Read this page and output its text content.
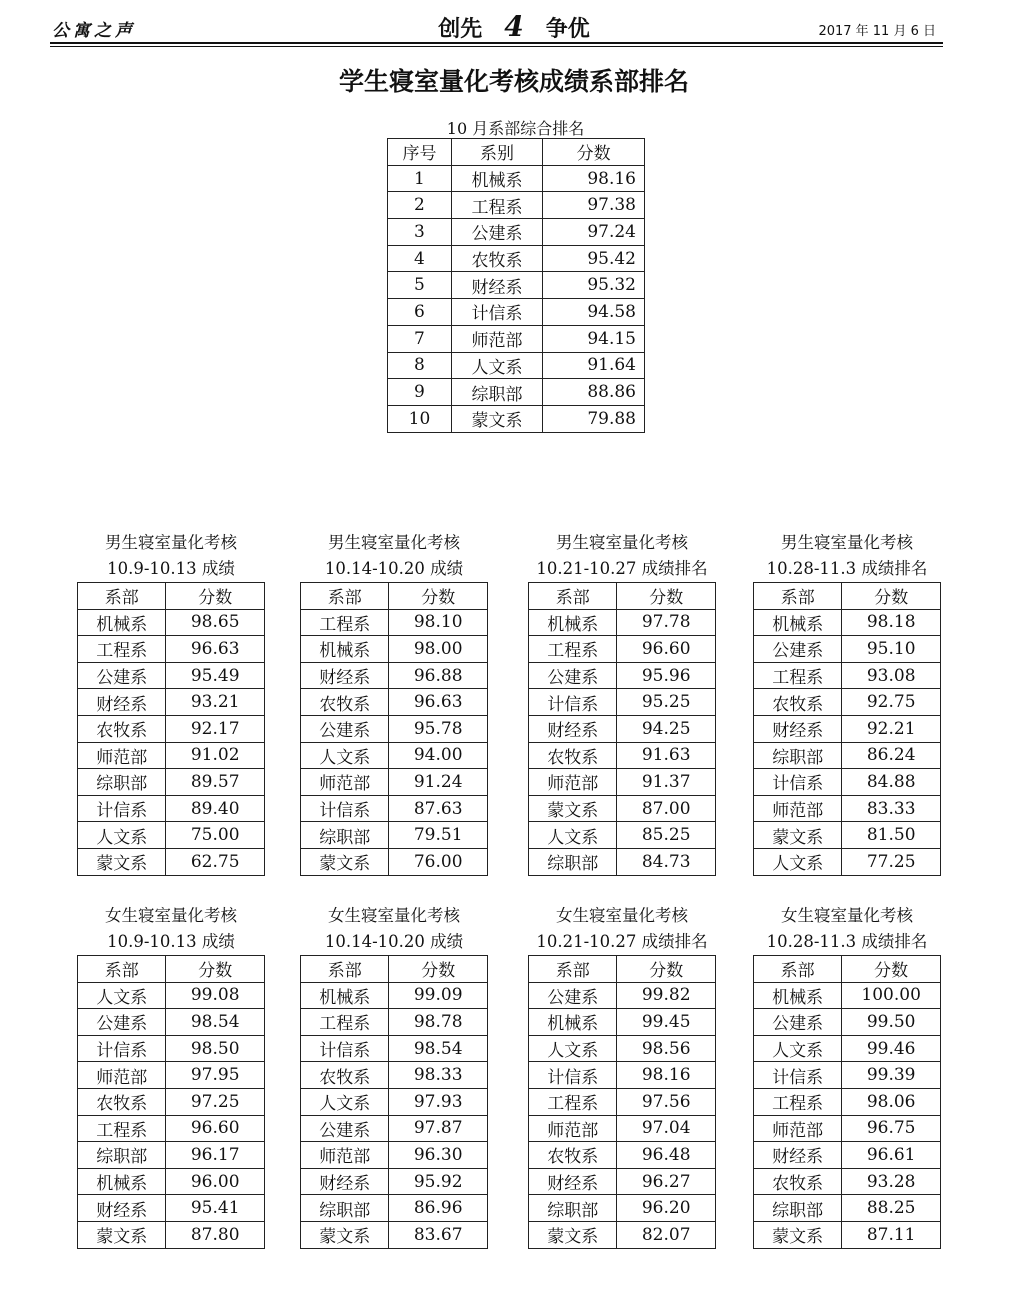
公寓之声	创先 4 争优	2017 年 11 月 6 日
学生寝室量化考核成绩系部排名
10 月系部综合排名
序号	系别	分数
1	机械系	98.16
2	工程系	97.38
3	公建系	97.24
4	农牧系	95.42
5	财经系	95.32
6	计信系	94.58
7	师范部	94.15
8	人文系	91.64
9	综职部	88.86
10	蒙文系	79.88
男生寝室量化考核
10.9-10.13 成绩
系部	分数
机械系	98.65
工程系	96.63
公建系	95.49
财经系	93.21
农牧系	92.17
师范部	91.02
综职部	89.57
计信系	89.40
人文系	75.00
蒙文系	62.75
男生寝室量化考核
10.14-10.20 成绩
系部	分数
工程系	98.10
机械系	98.00
财经系	96.88
农牧系	96.63
公建系	95.78
人文系	94.00
师范部	91.24
计信系	87.63
综职部	79.51
蒙文系	76.00
男生寝室量化考核
10.21-10.27 成绩排名
系部	分数
机械系	97.78
工程系	96.60
公建系	95.96
计信系	95.25
财经系	94.25
农牧系	91.63
师范部	91.37
蒙文系	87.00
人文系	85.25
综职部	84.73
男生寝室量化考核
10.28-11.3 成绩排名
系部	分数
机械系	98.18
公建系	95.10
工程系	93.08
农牧系	92.75
财经系	92.21
综职部	86.24
计信系	84.88
师范部	83.33
蒙文系	81.50
人文系	77.25
女生寝室量化考核
10.9-10.13 成绩
系部	分数
人文系	99.08
公建系	98.54
计信系	98.50
师范部	97.95
农牧系	97.25
工程系	96.60
综职部	96.17
机械系	96.00
财经系	95.41
蒙文系	87.80
女生寝室量化考核
10.14-10.20 成绩
系部	分数
机械系	99.09
工程系	98.78
计信系	98.54
农牧系	98.33
人文系	97.93
公建系	97.87
师范部	96.30
财经系	95.92
综职部	86.96
蒙文系	83.67
女生寝室量化考核
10.21-10.27 成绩排名
系部	分数
公建系	99.82
机械系	99.45
人文系	98.56
计信系	98.16
工程系	97.56
师范部	97.04
农牧系	96.48
财经系	96.27
综职部	96.20
蒙文系	82.07
女生寝室量化考核
10.28-11.3 成绩排名
系部	分数
机械系	100.00
公建系	99.50
人文系	99.46
计信系	99.39
工程系	98.06
师范部	96.75
财经系	96.61
农牧系	93.28
综职部	88.25
蒙文系	87.11
